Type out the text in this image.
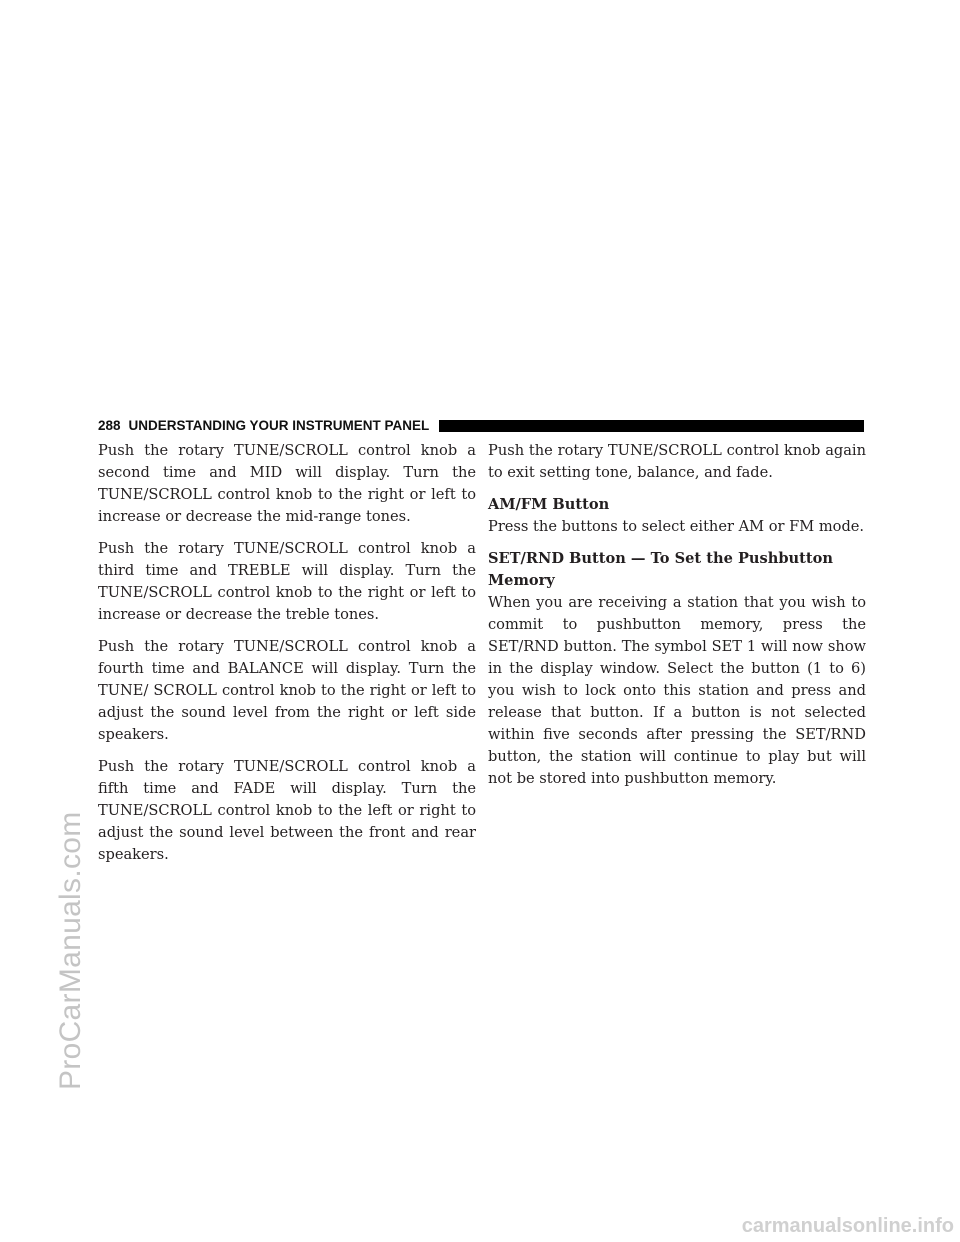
ProCarManuals.com
288 UNDERSTANDING YOUR INSTRUMENT PANEL

Push the rotary TUNE/SCROLL control knob a second time and MID will display. Turn the TUNE/SCROLL control knob to the right or left to increase or decrease the mid-range tones.

Push the rotary TUNE/SCROLL control knob a third time and TREBLE will display. Turn the TUNE/SCROLL control knob to the right or left to increase or decrease the treble tones.

Push the rotary TUNE/SCROLL control knob a fourth time and BALANCE will display. Turn the TUNE/ SCROLL control knob to the right or left to adjust the sound level from the right or left side speakers.

Push the rotary TUNE/SCROLL control knob a fifth time and FADE will display. Turn the TUNE/SCROLL control knob to the left or right to adjust the sound level between the front and rear speakers.

Push the rotary TUNE/SCROLL control knob again to exit setting tone, balance, and fade.

AM/FM Button

Press the buttons to select either AM or FM mode.

SET/RND Button — To Set the Pushbutton Memory

When you are receiving a station that you wish to commit to pushbutton memory, press the SET/RND button. The symbol SET 1 will now show in the display window. Select the button (1 to 6) you wish to lock onto this station and press and release that button. If a button is not selected within five seconds after pressing the SET/RND button, the station will continue to play but will not be stored into pushbutton memory.

carmanualsonline.info
